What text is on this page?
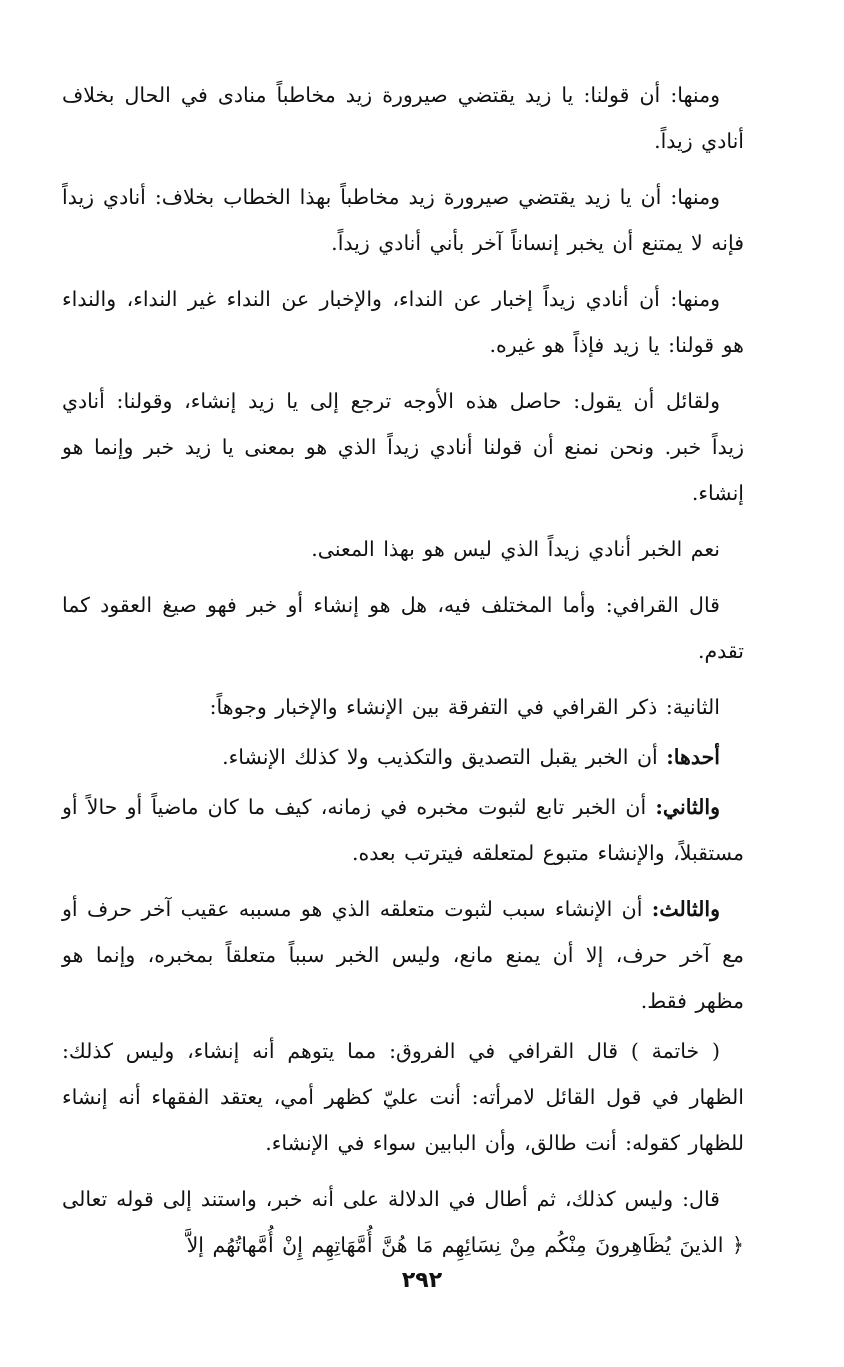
ومنها: أن قولنا: يا زيد يقتضي صيرورة زيد مخاطباً منادى في الحال بخلاف أنادي زيداً.

ومنها: أن يا زيد يقتضي صيرورة زيد مخاطباً بهذا الخطاب بخلاف: أنادي زيداً فإنه لا يمتنع أن يخبر إنساناً آخر بأني أنادي زيداً.

ومنها: أن أنادي زيداً إخبار عن النداء، والإخبار عن النداء غير النداء، والنداء هو قولنا: يا زيد فإذاً هو غيره.

ولقائل أن يقول: حاصل هذه الأوجه ترجع إلى يا زيد إنشاء، وقولنا: أنادي زيداً خبر. ونحن نمنع أن قولنا أنادي زيداً الذي هو بمعنى يا زيد خبر وإنما هو إنشاء.

نعم الخبر أنادي زيداً الذي ليس هو بهذا المعنى.

قال القرافي: وأما المختلف فيه، هل هو إنشاء أو خبر فهو صيغ العقود كما تقدم.

الثانية: ذكر القرافي في التفرقة بين الإنشاء والإخبار وجوهاً:

أحدها: أن الخبر يقبل التصديق والتكذيب ولا كذلك الإنشاء.

والثاني: أن الخبر تابع لثبوت مخبره في زمانه، كيف ما كان ماضياً أو حالاً أو مستقبلاً، والإنشاء متبوع لمتعلقه فيترتب بعده.

والثالث: أن الإنشاء سبب لثبوت متعلقه الذي هو مسببه عقيب آخر حرف أو مع آخر حرف، إلا أن يمنع مانع، وليس الخبر سبباً متعلقاً بمخبره، وإنما هو مظهر فقط.

( خاتمة ) قال القرافي في الفروق: مما يتوهم أنه إنشاء، وليس كذلك: الظهار في قول القائل لامرأته: أنت عليّ كظهر أمي، يعتقد الفقهاء أنه إنشاء للظهار كقوله: أنت طالق، وأن البابين سواء في الإنشاء.

قال: وليس كذلك، ثم أطال في الدلالة على أنه خبر، واستند إلى قوله تعالى ﴿ الذينَ يُظَاهِرونَ مِنْكُم مِنْ نِسَائِهِم مَا هُنَّ أُمَّهَاتِهِم إِنْ أُمَّهاتُهُم إلاَّ

٢٩٢
